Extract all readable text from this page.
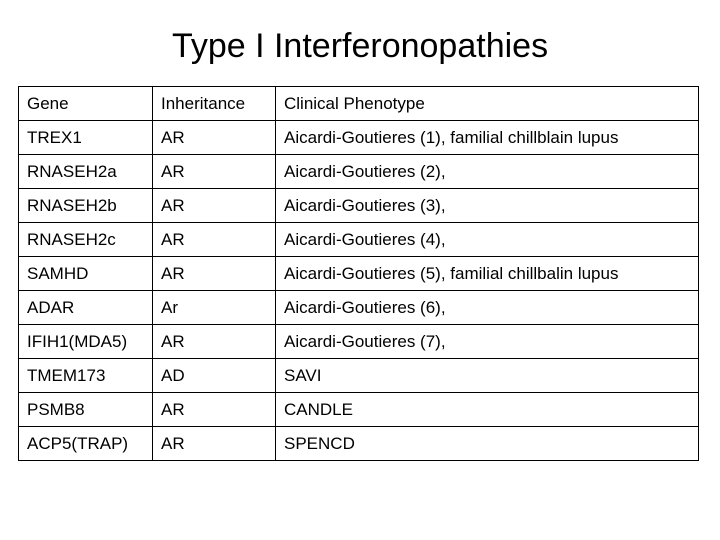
Type I Interferonopathies
Gene	Inheritance	Clinical Phenotype
TREX1	AR	Aicardi-Goutieres (1), familial chillblain lupus
RNASEH2a	AR	Aicardi-Goutieres (2),
RNASEH2b	AR	Aicardi-Goutieres (3),
RNASEH2c	AR	Aicardi-Goutieres (4),
SAMHD	AR	Aicardi-Goutieres (5), familial chillbalin lupus
ADAR	Ar	Aicardi-Goutieres (6),
IFIH1(MDA5)	AR	Aicardi-Goutieres (7),
TMEM173	AD	SAVI
PSMB8	AR	CANDLE
ACP5(TRAP)	AR	SPENCD
